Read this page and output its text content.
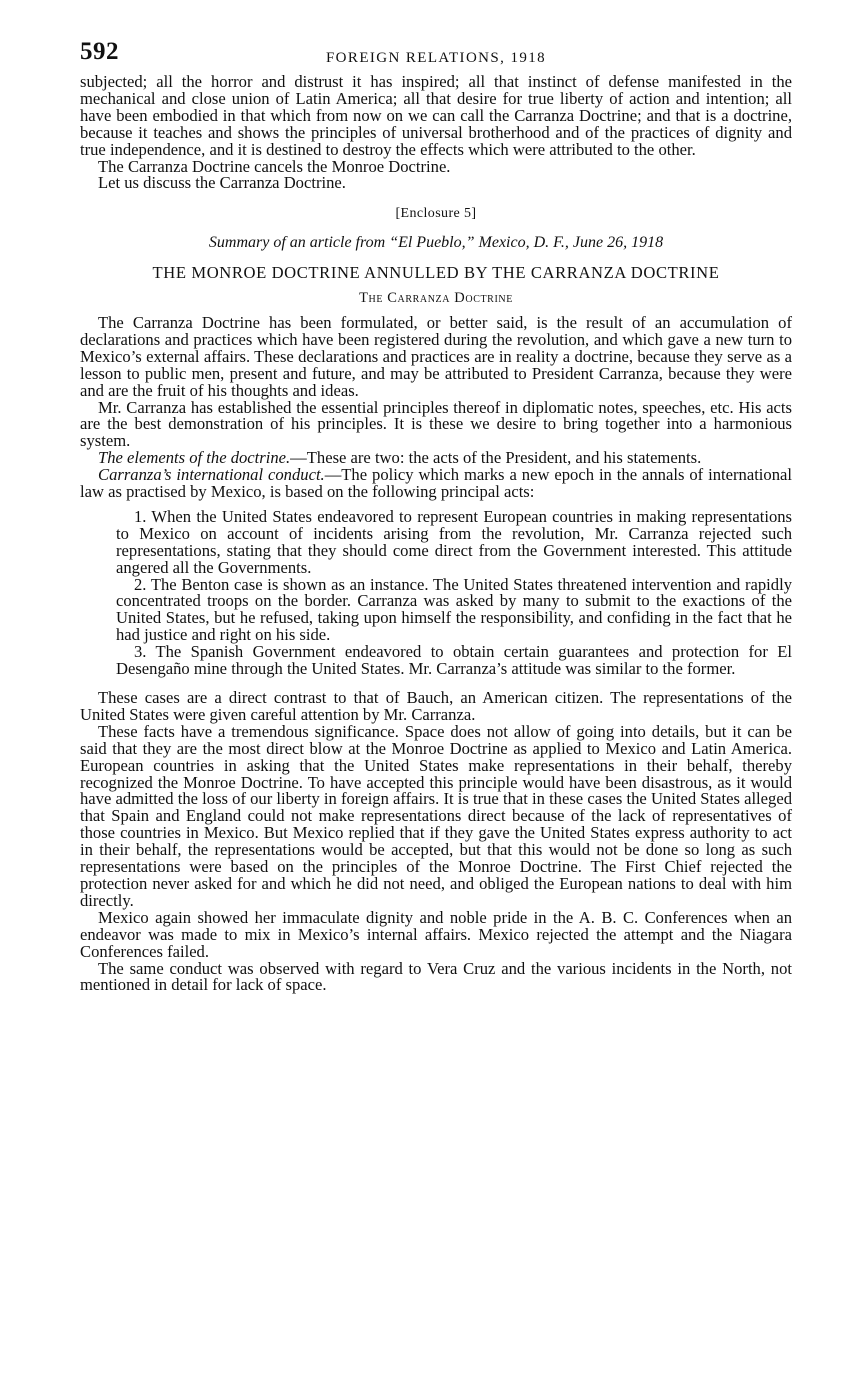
592	FOREIGN RELATIONS, 1918

subjected; all the horror and distrust it has inspired; all that instinct of defense manifested in the mechanical and close union of Latin America; all that desire for true liberty of action and intention; all have been embodied in that which from now on we can call the Carranza Doctrine; and that is a doctrine, because it teaches and shows the principles of universal brotherhood and of the practices of dignity and true independence, and it is destined to destroy the effects which were attributed to the other.

The Carranza Doctrine cancels the Monroe Doctrine.

Let us discuss the Carranza Doctrine.

[Enclosure 5]
Summary of an article from “El Pueblo,” Mexico, D. F., June 26, 1918
THE MONROE DOCTRINE ANNULLED BY THE CARRANZA DOCTRINE
The Carranza Doctrine

The Carranza Doctrine has been formulated, or better said, is the result of an accumulation of declarations and practices which have been registered during the revolution, and which gave a new turn to Mexico’s external affairs. These declarations and practices are in reality a doctrine, because they serve as a lesson to public men, present and future, and may be attributed to President Carranza, because they were and are the fruit of his thoughts and ideas.

Mr. Carranza has established the essential principles thereof in diplomatic notes, speeches, etc. His acts are the best demonstration of his principles. It is these we desire to bring together into a harmonious system.

The elements of the doctrine.—These are two: the acts of the President, and his statements.

Carranza’s international conduct.—The policy which marks a new epoch in the annals of international law as practised by Mexico, is based on the following principal acts:

1. When the United States endeavored to represent European countries in making representations to Mexico on account of incidents arising from the revolution, Mr. Carranza rejected such representations, stating that they should come direct from the Government interested. This attitude angered all the Governments.

2. The Benton case is shown as an instance. The United States threatened intervention and rapidly concentrated troops on the border. Carranza was asked by many to submit to the exactions of the United States, but he refused, taking upon himself the responsibility, and confiding in the fact that he had justice and right on his side.

3. The Spanish Government endeavored to obtain certain guarantees and protection for El Desengaño mine through the United States. Mr. Carranza’s attitude was similar to the former.

These cases are a direct contrast to that of Bauch, an American citizen. The representations of the United States were given careful attention by Mr. Carranza.

These facts have a tremendous significance. Space does not allow of going into details, but it can be said that they are the most direct blow at the Monroe Doctrine as applied to Mexico and Latin America. European countries in asking that the United States make representations in their behalf, thereby recognized the Monroe Doctrine. To have accepted this principle would have been disastrous, as it would have admitted the loss of our liberty in foreign affairs. It is true that in these cases the United States alleged that Spain and England could not make representations direct because of the lack of representatives of those countries in Mexico. But Mexico replied that if they gave the United States express authority to act in their behalf, the representations would be accepted, but that this would not be done so long as such representations were based on the principles of the Monroe Doctrine. The First Chief rejected the protection never asked for and which he did not need, and obliged the European nations to deal with him directly.

Mexico again showed her immaculate dignity and noble pride in the A. B. C. Conferences when an endeavor was made to mix in Mexico’s internal affairs. Mexico rejected the attempt and the Niagara Conferences failed.

The same conduct was observed with regard to Vera Cruz and the various incidents in the North, not mentioned in detail for lack of space.
